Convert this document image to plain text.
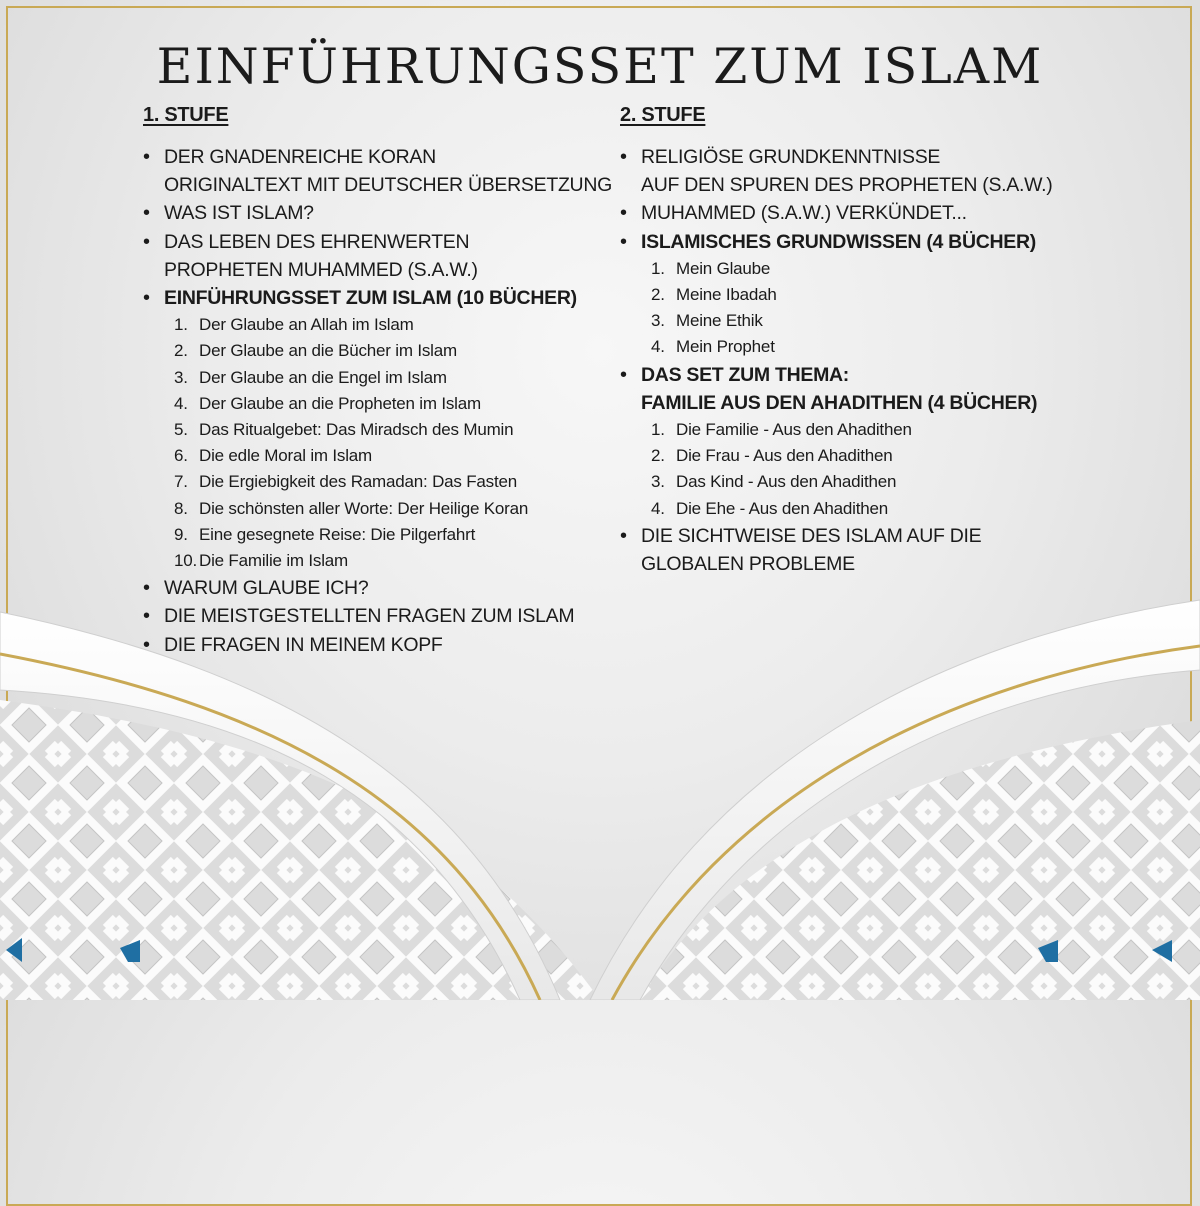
EINFÜHRUNGSSET ZUM ISLAM
1. STUFE
• DER GNADENREICHE KORAN
ORIGINALTEXT MIT DEUTSCHER ÜBERSETZUNG
• WAS IST ISLAM?
• DAS LEBEN DES EHRENWERTEN
PROPHETEN MUHAMMED (S.A.W.)
• EINFÜHRUNGSSET ZUM ISLAM (10 BÜCHER)
1. Der Glaube an Allah im Islam
2. Der Glaube an die Bücher im Islam
3. Der Glaube an die Engel im Islam
4. Der Glaube an die Propheten im Islam
5. Das Ritualgebet: Das Miradsch des Mumin
6. Die edle Moral im Islam
7. Die Ergiebigkeit des Ramadan: Das Fasten
8. Die schönsten aller Worte: Der Heilige Koran
9. Eine gesegnete Reise: Die Pilgerfahrt
10. Die Familie im Islam
• WARUM GLAUBE ICH?
• DIE MEISTGESTELLTEN FRAGEN ZUM ISLAM
• DIE FRAGEN IN MEINEM KOPF
2. STUFE
• RELIGIÖSE GRUNDKENNTNISSE
AUF DEN SPUREN DES PROPHETEN (S.A.W.)
• MUHAMMED (S.A.W.) VERKÜNDET...
• ISLAMISCHES GRUNDWISSEN (4 BÜCHER)
1. Mein Glaube
2. Meine Ibadah
3. Meine Ethik
4. Mein Prophet
• DAS SET ZUM THEMA:
FAMILIE AUS DEN AHADITHEN (4 BÜCHER)
1. Die Familie - Aus den Ahadithen
2. Die Frau - Aus den Ahadithen
3. Das Kind - Aus den Ahadithen
4. Die Ehe - Aus den Ahadithen
• DIE SICHTWEISE DES ISLAM AUF DIE
GLOBALEN PROBLEME
